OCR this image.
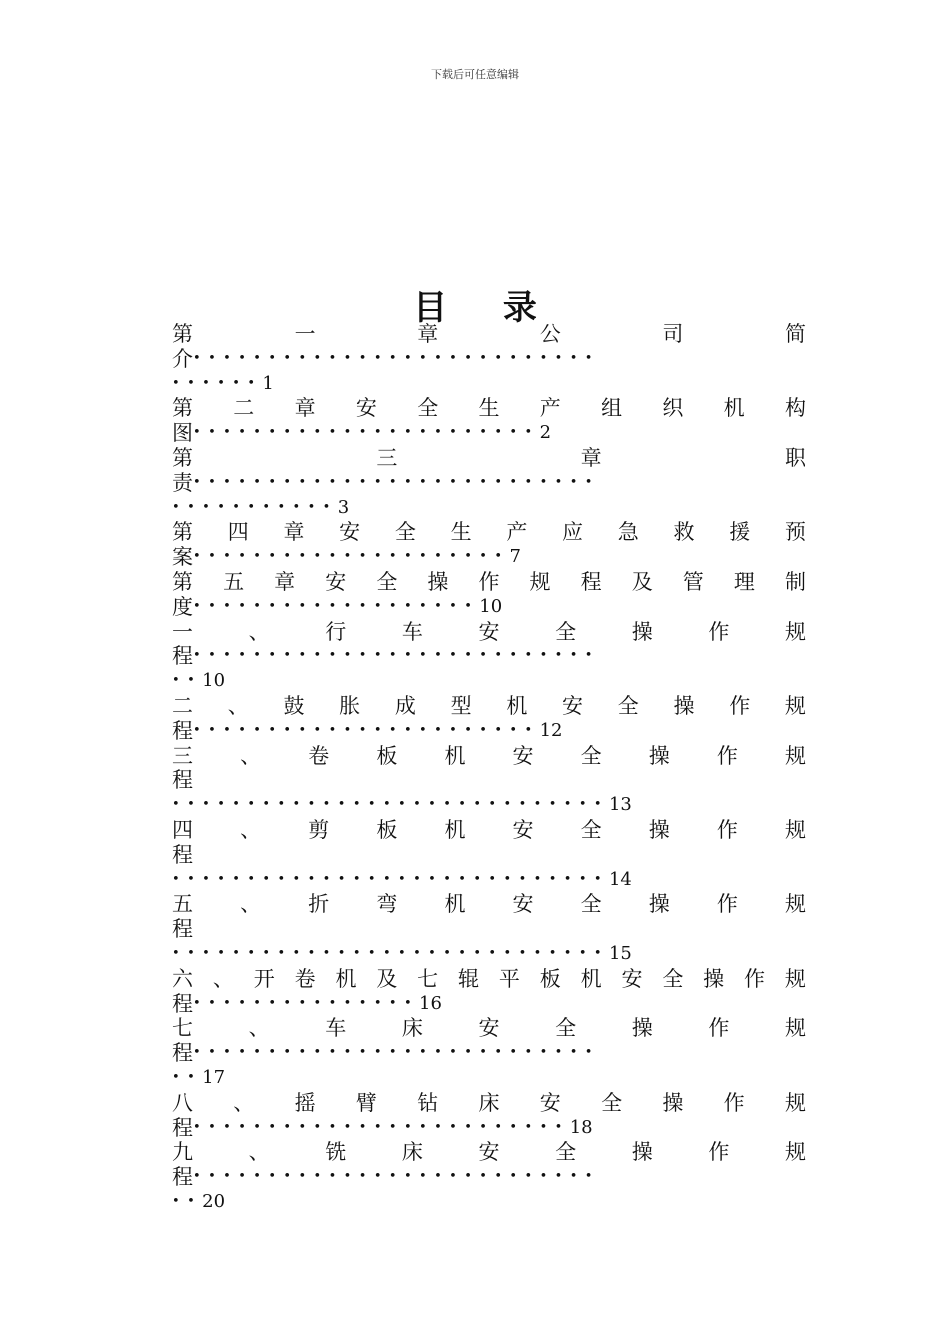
下载后可任意编辑
目 录
第	一	章	公	司	简
介 •••••••••••••••••••••••••••
•••••• 1
第 二 章 安 全 生 产 组 织 机 构
图 ••••••••••••••••••••••• 2
第	三	章	职
责 •••••••••••••••••••••••••••
••••••••••• 3
第 四 章 安 全 生 产 应 急 救 援 预
案 ••••••••••••••••••••• 7
第 五 章 安 全 操 作 规 程 及 管 理 制
度 ••••••••••••••••••• 10
一	、	行	车	安	全	操	作	规
程 •••••••••••••••••••••••••••
•• 10
二 、 鼓 胀 成 型 机 安 全 操 作 规
程 ••••••••••••••••••••••• 12
三 、 卷 板 机 安 全 操 作 规
程
••••••••••••••••••••••••••••• 13
四 、 剪 板 机 安 全 操 作 规
程
••••••••••••••••••••••••••••• 14
五 、 折 弯 机 安 全 操 作 规
程
••••••••••••••••••••••••••••• 15
六 、 开 卷 机 及 七 辊 平 板 机 安 全 操 作 规
程 ••••••••••••••• 16
七	、	车	床	安	全	操	作	规
程 •••••••••••••••••••••••••••
•• 17
八 、 摇 臂 钻 床 安 全 操 作 规
程 ••••••••••••••••••••••••• 18
九	、	铣	床	安	全	操	作	规
程 •••••••••••••••••••••••••••
•• 20
